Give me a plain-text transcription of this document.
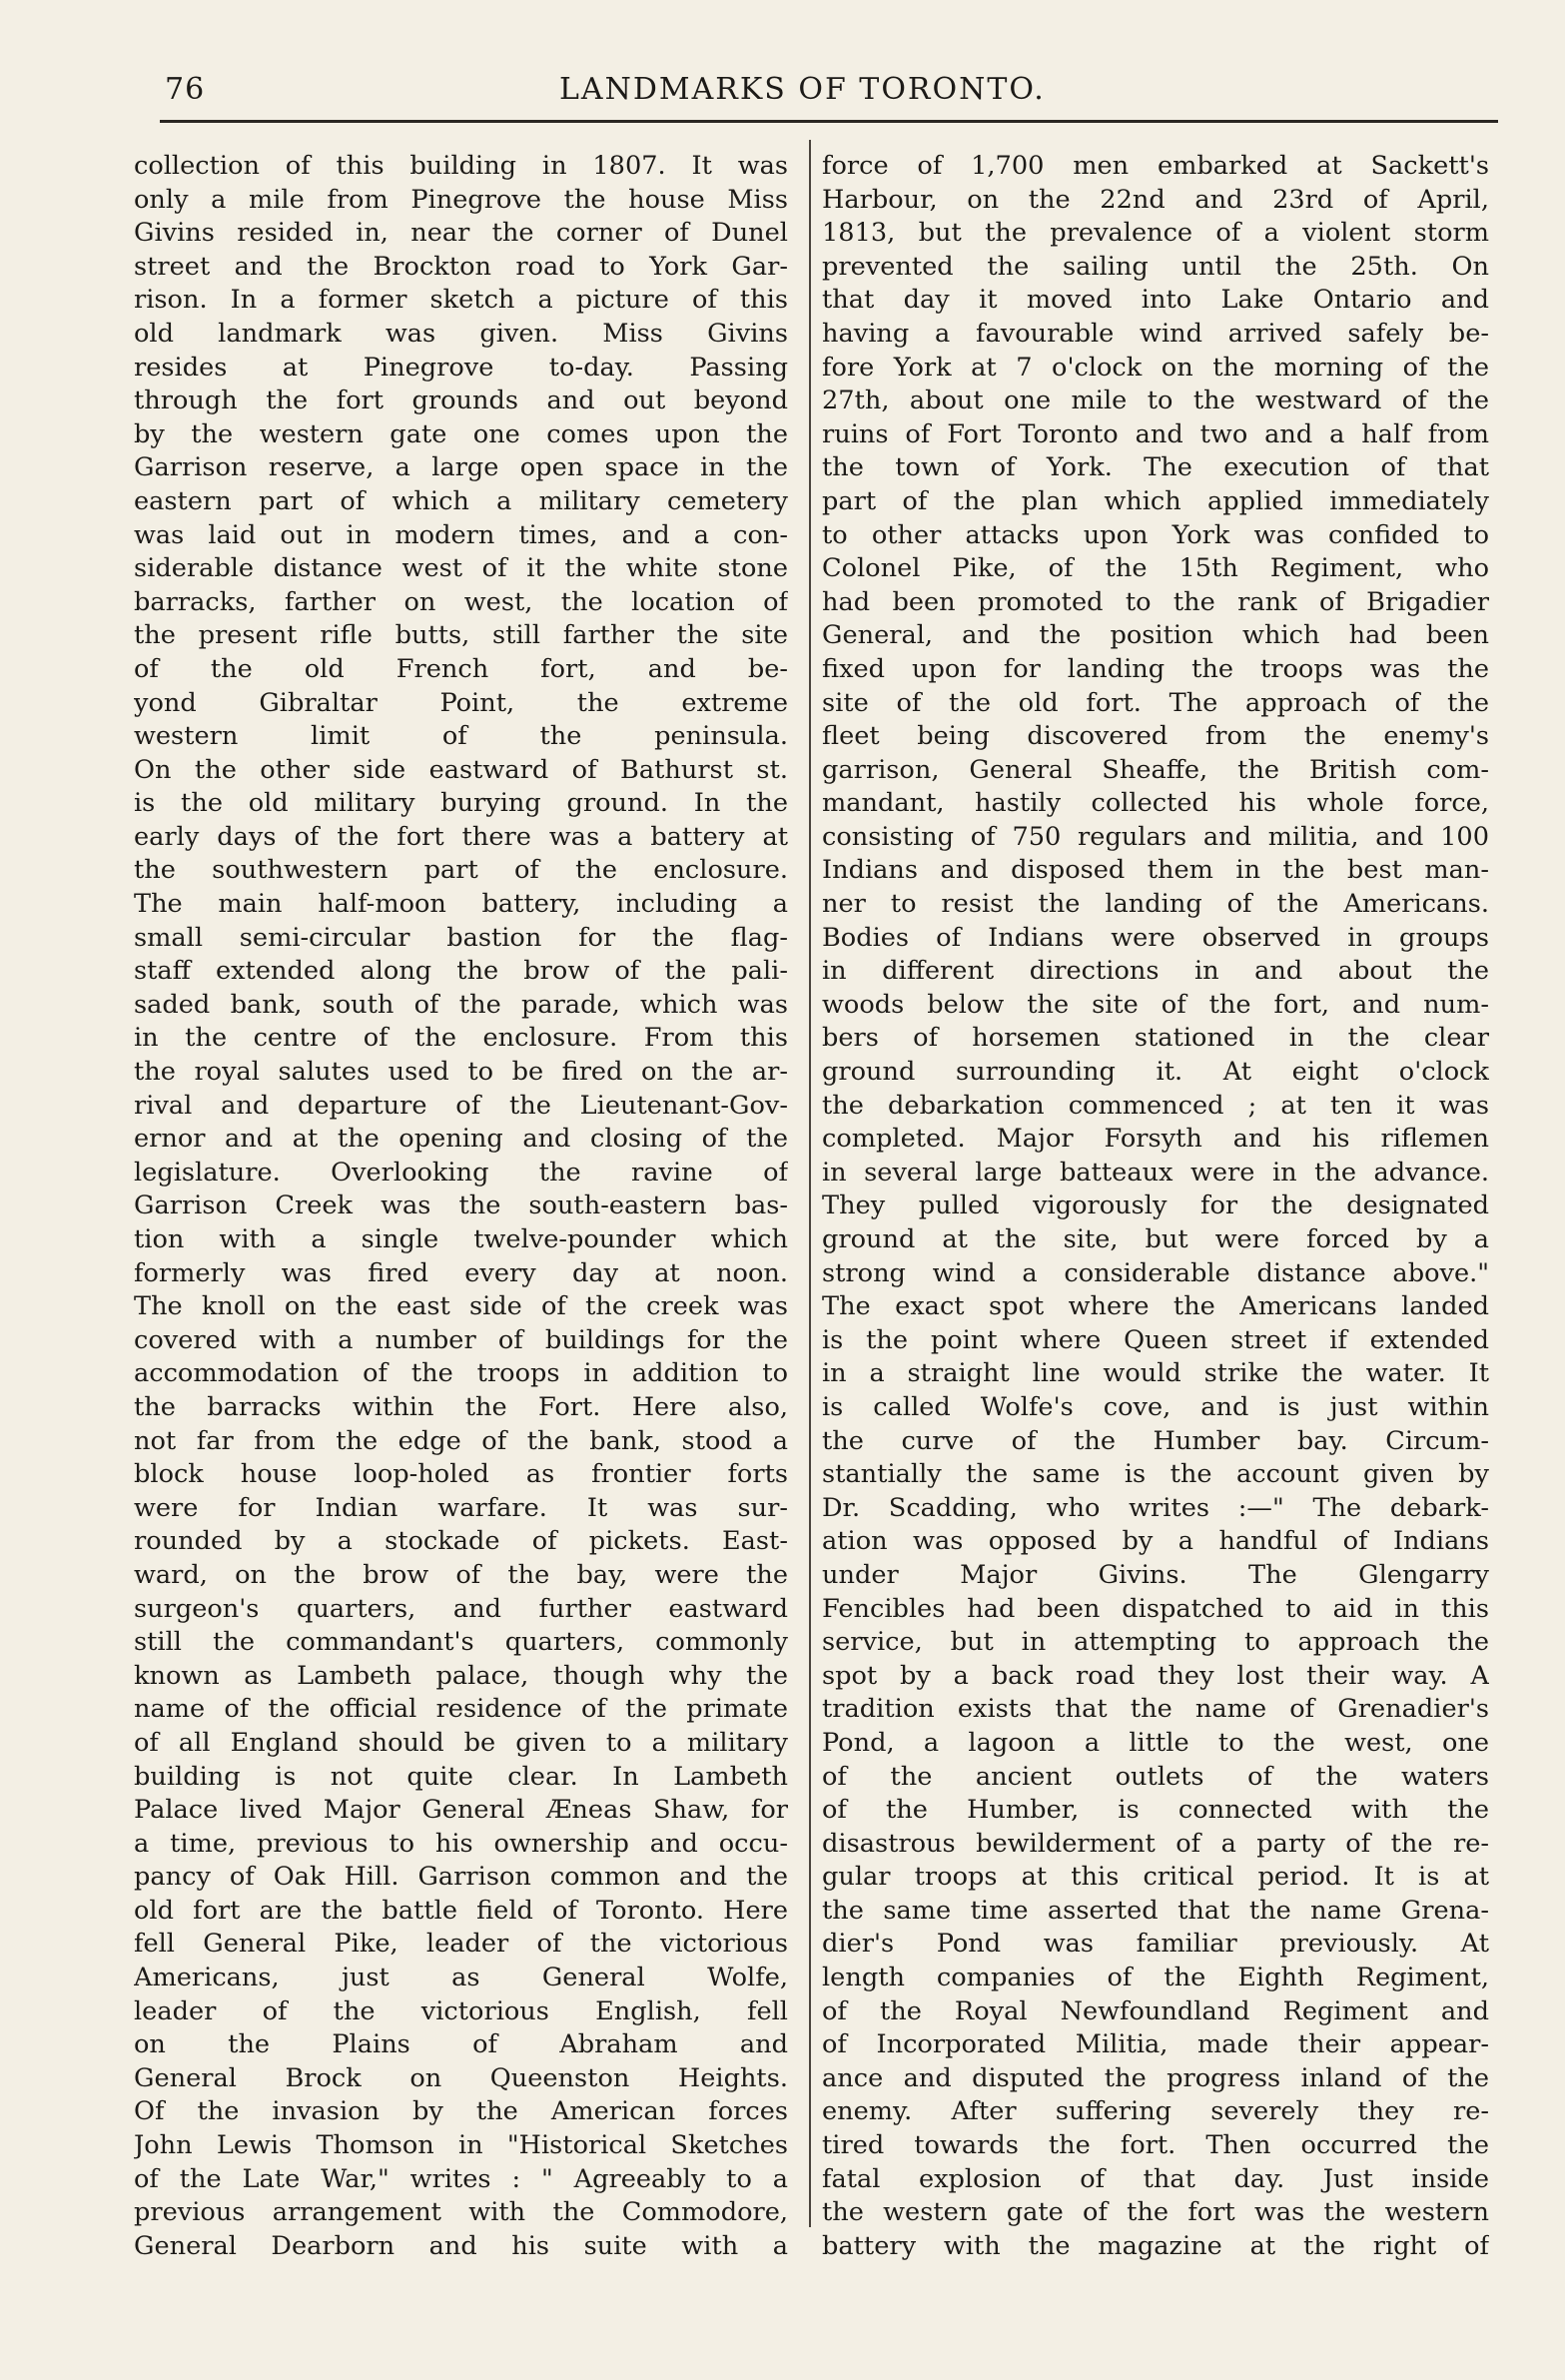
76	LANDMARKS OF TORONTO.
collection of this building in 1807. It was
only a mile from Pinegrove the house Miss
Givins resided in, near the corner of Dunel
street and the Brockton road to York Gar-
rison. In a former sketch a picture of this
old landmark was given. Miss Givins
resides at Pinegrove to-day. Passing
through the fort grounds and out beyond
by the western gate one comes upon the
Garrison reserve, a large open space in the
eastern part of which a military cemetery
was laid out in modern times, and a con-
siderable distance west of it the white stone
barracks, farther on west, the location of
the present rifle butts, still farther the site
of the old French fort, and be-
yond Gibraltar Point, the extreme
western limit of the peninsula.
On the other side eastward of Bathurst st.
is the old military burying ground. In the
early days of the fort there was a battery at
the southwestern part of the enclosure.
The main half-moon battery, including a
small semi-circular bastion for the flag-
staff extended along the brow of the pali-
saded bank, south of the parade, which was
in the centre of the enclosure. From this
the royal salutes used to be fired on the ar-
rival and departure of the Lieutenant-Gov-
ernor and at the opening and closing of the
legislature. Overlooking the ravine of
Garrison Creek was the south-eastern bas-
tion with a single twelve-pounder which
formerly was fired every day at noon.
The knoll on the east side of the creek was
covered with a number of buildings for the
accommodation of the troops in addition to
the barracks within the Fort. Here also,
not far from the edge of the bank, stood a
block house loop-holed as frontier forts
were for Indian warfare. It was sur-
rounded by a stockade of pickets. East-
ward, on the brow of the bay, were the
surgeon's quarters, and further eastward
still the commandant's quarters, commonly
known as Lambeth palace, though why the
name of the official residence of the primate
of all England should be given to a military
building is not quite clear. In Lambeth
Palace lived Major General Æneas Shaw, for
a time, previous to his ownership and occu-
pancy of Oak Hill. Garrison common and the
old fort are the battle field of Toronto. Here
fell General Pike, leader of the victorious
Americans, just as General Wolfe,
leader of the victorious English, fell
on the Plains of Abraham and
General Brock on Queenston Heights.
Of the invasion by the American forces
John Lewis Thomson in "Historical Sketches
of the Late War," writes : " Agreeably to a
previous arrangement with the Commodore,
General Dearborn and his suite with a
force of 1,700 men embarked at Sackett's
Harbour, on the 22nd and 23rd of April,
1813, but the prevalence of a violent storm
prevented the sailing until the 25th. On
that day it moved into Lake Ontario and
having a favourable wind arrived safely be-
fore York at 7 o'clock on the morning of the
27th, about one mile to the westward of the
ruins of Fort Toronto and two and a half from
the town of York. The execution of that
part of the plan which applied immediately
to other attacks upon York was confided to
Colonel Pike, of the 15th Regiment, who
had been promoted to the rank of Brigadier
General, and the position which had been
fixed upon for landing the troops was the
site of the old fort. The approach of the
fleet being discovered from the enemy's
garrison, General Sheaffe, the British com-
mandant, hastily collected his whole force,
consisting of 750 regulars and militia, and 100
Indians and disposed them in the best man-
ner to resist the landing of the Americans.
Bodies of Indians were observed in groups
in different directions in and about the
woods below the site of the fort, and num-
bers of horsemen stationed in the clear
ground surrounding it. At eight o'clock
the debarkation commenced ; at ten it was
completed. Major Forsyth and his riflemen
in several large batteaux were in the advance.
They pulled vigorously for the designated
ground at the site, but were forced by a
strong wind a considerable distance above."
The exact spot where the Americans landed
is the point where Queen street if extended
in a straight line would strike the water. It
is called Wolfe's cove, and is just within
the curve of the Humber bay. Circum-
stantially the same is the account given by
Dr. Scadding, who writes :—" The debark-
ation was opposed by a handful of Indians
under Major Givins. The Glengarry
Fencibles had been dispatched to aid in this
service, but in attempting to approach the
spot by a back road they lost their way. A
tradition exists that the name of Grenadier's
Pond, a lagoon a little to the west, one
of the ancient outlets of the waters
of the Humber, is connected with the
disastrous bewilderment of a party of the re-
gular troops at this critical period. It is at
the same time asserted that the name Grena-
dier's Pond was familiar previously. At
length companies of the Eighth Regiment,
of the Royal Newfoundland Regiment and
of Incorporated Militia, made their appear-
ance and disputed the progress inland of the
enemy. After suffering severely they re-
tired towards the fort. Then occurred the
fatal explosion of that day. Just inside
the western gate of the fort was the western
battery with the magazine at the right of
